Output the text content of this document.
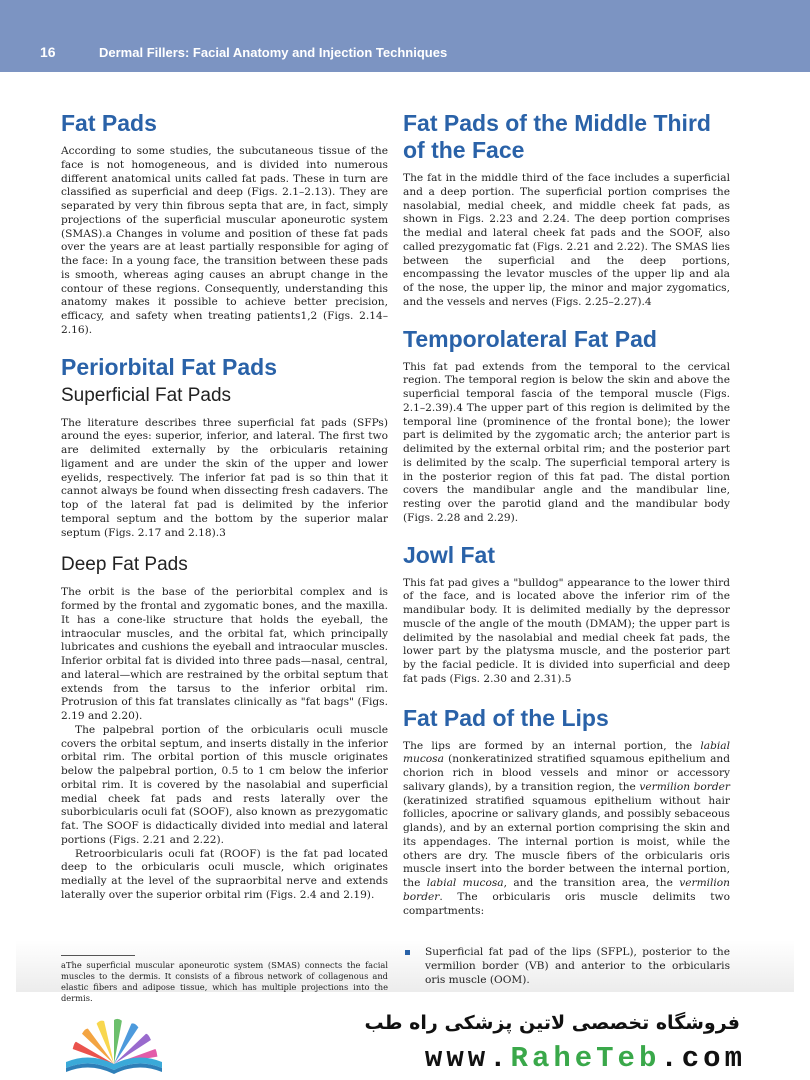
16	Dermal Fillers: Facial Anatomy and Injection Techniques
Fat Pads

According to some studies, the subcutaneous tissue of the face is not homogeneous, and is divided into numerous different anatomical units called fat pads. These in turn are classified as superficial and deep (Figs. 2.1–2.13). They are separated by very thin fibrous septa that are, in fact, simply projections of the superficial muscular aponeurotic system (SMAS).a Changes in volume and position of these fat pads over the years are at least partially responsible for aging of the face: In a young face, the transition between these pads is smooth, whereas aging causes an abrupt change in the contour of these regions. Consequently, understanding this anatomy makes it possible to achieve better precision, efficacy, and safety when treating patients1,2 (Figs. 2.14–2.16).

Periorbital Fat Pads
Superficial Fat Pads

The literature describes three superficial fat pads (SFPs) around the eyes: superior, inferior, and lateral. The first two are delimited externally by the orbicularis retaining ligament and are under the skin of the upper and lower eyelids, respectively. The inferior fat pad is so thin that it cannot always be found when dissecting fresh cadavers. The top of the lateral fat pad is delimited by the inferior temporal septum and the bottom by the superior malar septum (Figs. 2.17 and 2.18).3

Deep Fat Pads

The orbit is the base of the periorbital complex and is formed by the frontal and zygomatic bones, and the maxilla. It has a cone-like structure that holds the eyeball, the intraocular muscles, and the orbital fat, which principally lubricates and cushions the eyeball and intraocular muscles. Inferior orbital fat is divided into three pads—nasal, central, and lateral—which are restrained by the orbital septum that extends from the tarsus to the inferior orbital rim. Protrusion of this fat translates clinically as "fat bags" (Figs. 2.19 and 2.20).

The palpebral portion of the orbicularis oculi muscle covers the orbital septum, and inserts distally in the inferior orbital rim. The orbital portion of this muscle originates below the palpebral portion, 0.5 to 1 cm below the inferior orbital rim. It is covered by the nasolabial and superficial medial cheek fat pads and rests laterally over the suborbicularis oculi fat (SOOF), also known as prezygomatic fat. The SOOF is didactically divided into medial and lateral portions (Figs. 2.21 and 2.22).

Retroorbicularis oculi fat (ROOF) is the fat pad located deep to the orbicularis oculi muscle, which originates medially at the level of the supraorbital nerve and extends laterally over the superior orbital rim (Figs. 2.4 and 2.19).

Fat Pads of the Middle Third of the Face

The fat in the middle third of the face includes a superficial and a deep portion. The superficial portion comprises the nasolabial, medial cheek, and middle cheek fat pads, as shown in Figs. 2.23 and 2.24. The deep portion comprises the medial and lateral cheek fat pads and the SOOF, also called prezygomatic fat (Figs. 2.21 and 2.22). The SMAS lies between the superficial and the deep portions, encompassing the levator muscles of the upper lip and ala of the nose, the upper lip, the minor and major zygomatics, and the vessels and nerves (Figs. 2.25–2.27).4

Temporolateral Fat Pad

This fat pad extends from the temporal to the cervical region. The temporal region is below the skin and above the superficial temporal fascia of the temporal muscle (Figs. 2.1–2.39).4 The upper part of this region is delimited by the temporal line (prominence of the frontal bone); the lower part is delimited by the zygomatic arch; the anterior part is delimited by the external orbital rim; and the posterior part is delimited by the scalp. The superficial temporal artery is in the posterior region of this fat pad. The distal portion covers the mandibular angle and the mandibular line, resting over the parotid gland and the mandibular body (Figs. 2.28 and 2.29).

Jowl Fat

This fat pad gives a "bulldog" appearance to the lower third of the face, and is located above the inferior rim of the mandibular body. It is delimited medially by the depressor muscle of the angle of the mouth (DMAM); the upper part is delimited by the nasolabial and medial cheek fat pads, the lower part by the platysma muscle, and the posterior part by the facial pedicle. It is divided into superficial and deep fat pads (Figs. 2.30 and 2.31).5

Fat Pad of the Lips

The lips are formed by an internal portion, the labial mucosa (nonkeratinized stratified squamous epithelium and chorion rich in blood vessels and minor or accessory salivary glands), by a transition region, the vermilion border (keratinized stratified squamous epithelium without hair follicles, apocrine or salivary glands, and possibly sebaceous glands), and by an external portion comprising the skin and its appendages. The internal portion is moist, while the others are dry. The muscle fibers of the orbicularis oris muscle insert into the border between the internal portion, the labial mucosa, and the transition area, the vermilion border. The orbicularis oris muscle delimits two compartments:

aThe superficial muscular aponeurotic system (SMAS) connects the facial muscles to the dermis. It consists of a fibrous network of collagenous and elastic fibers and adipose tissue, which has multiple projections into the dermis.
Superficial fat pad of the lips (SFPL), posterior to the vermilion border (VB) and anterior to the orbicularis oris muscle (OOM).
فروشگاه تخصصی لاتین پزشکی راه طب
www.RaheTeb.com
